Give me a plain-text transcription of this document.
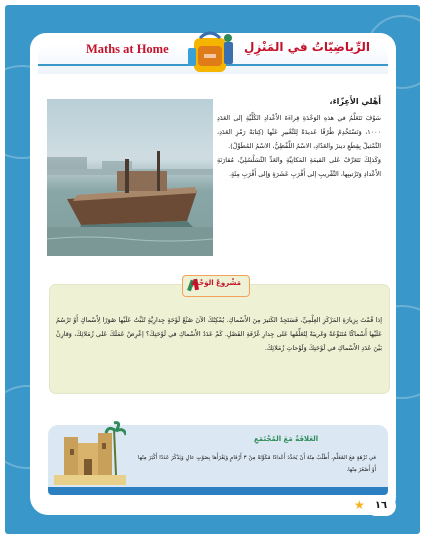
Maths at Home	الرِّياضِيّاتُ في المَنْزِلِ

أَهْلي الأَعِزّاءَ،

سَوْفَ نَتَعَلَّمُ في هذهِ الوَحْدَةِ قِراءَةَ الأَعْدادِ الكُلِّيَّةِ إلى العَدَدِ ١٠٠٠، وَنَسْتَخْدِمُ طُرُقًا عَديدَةً لِلتَّعْبيرِ عَنْها (كِتابَةُ رَمْزِ العَدَدِ، التَّمْثيلُ بِقِطَعِ دينزَ والعَدّادِ، الاسْمُ اللَّفْظِيُّ، الاسْمُ المُطَوَّلُ).

وَكَذلِكَ نَتَعَرَّفُ عَلى القيمَةِ المَكانِيَّةِ والعَدِّ التَّسَلْسُلِيِّ، مُقارَنَةِ الأَعْدادِ وَتَرْتيبِها، التَّقْريبِ إلى أَقْرَبِ عَشَرَةٍ وَإلى أَقْرَبِ مِئَةٍ.

مَشْروعُ الوَحْدَةِ
إذا قُمْتَ بِزِيارَةِ المَرْكَزِ العِلْمِيِّ، فَسَتَجِدُ الكَثيرَ مِنَ الأَسْماكِ. يُمْكِنُكَ الآنَ صُنْعُ لَوْحَةٍ جِدارِيَّةٍ تُثَبِّتُ عَلَيْها صُوَرًا لِأَسْماكٍ أَوْ تَرْسُمُ عَلَيْها أَسْماكًا مُتَنَوِّعَةً وَغَريبَةً لِتُعَلِّقَها عَلى جِدارِ غُرْفَةِ الفَصْلِ. كَمْ عَدَدُ الأَسْماكِ في لَوْحَتِكَ؟ إعْرِضْ عَمَلَكَ عَلى زُمَلائِكَ، وَقارِنْ بَيْنَ عَدَدِ الأَسْماكِ في لَوْحَتِكَ وَلَوْحاتِ زُمَلائِكَ.
العَلاقَةُ مَعَ المُجْتَمَعِ
في نُزْهَةٍ مَعَ المُعَلِّمِ، أُطْلُبْ مِنْهُ أَنْ يُحَدِّدَ أَعْدادًا مُكَوَّنَةً مِنْ ٣ أَرْقامٍ وَيَقْرَأَها بِصَوْتٍ عالٍ وَيَذْكُرَ عَدَدًا أَكْبَرَ مِنْها أَوْ أَصْغَرَ مِنْها.
★	١٦
